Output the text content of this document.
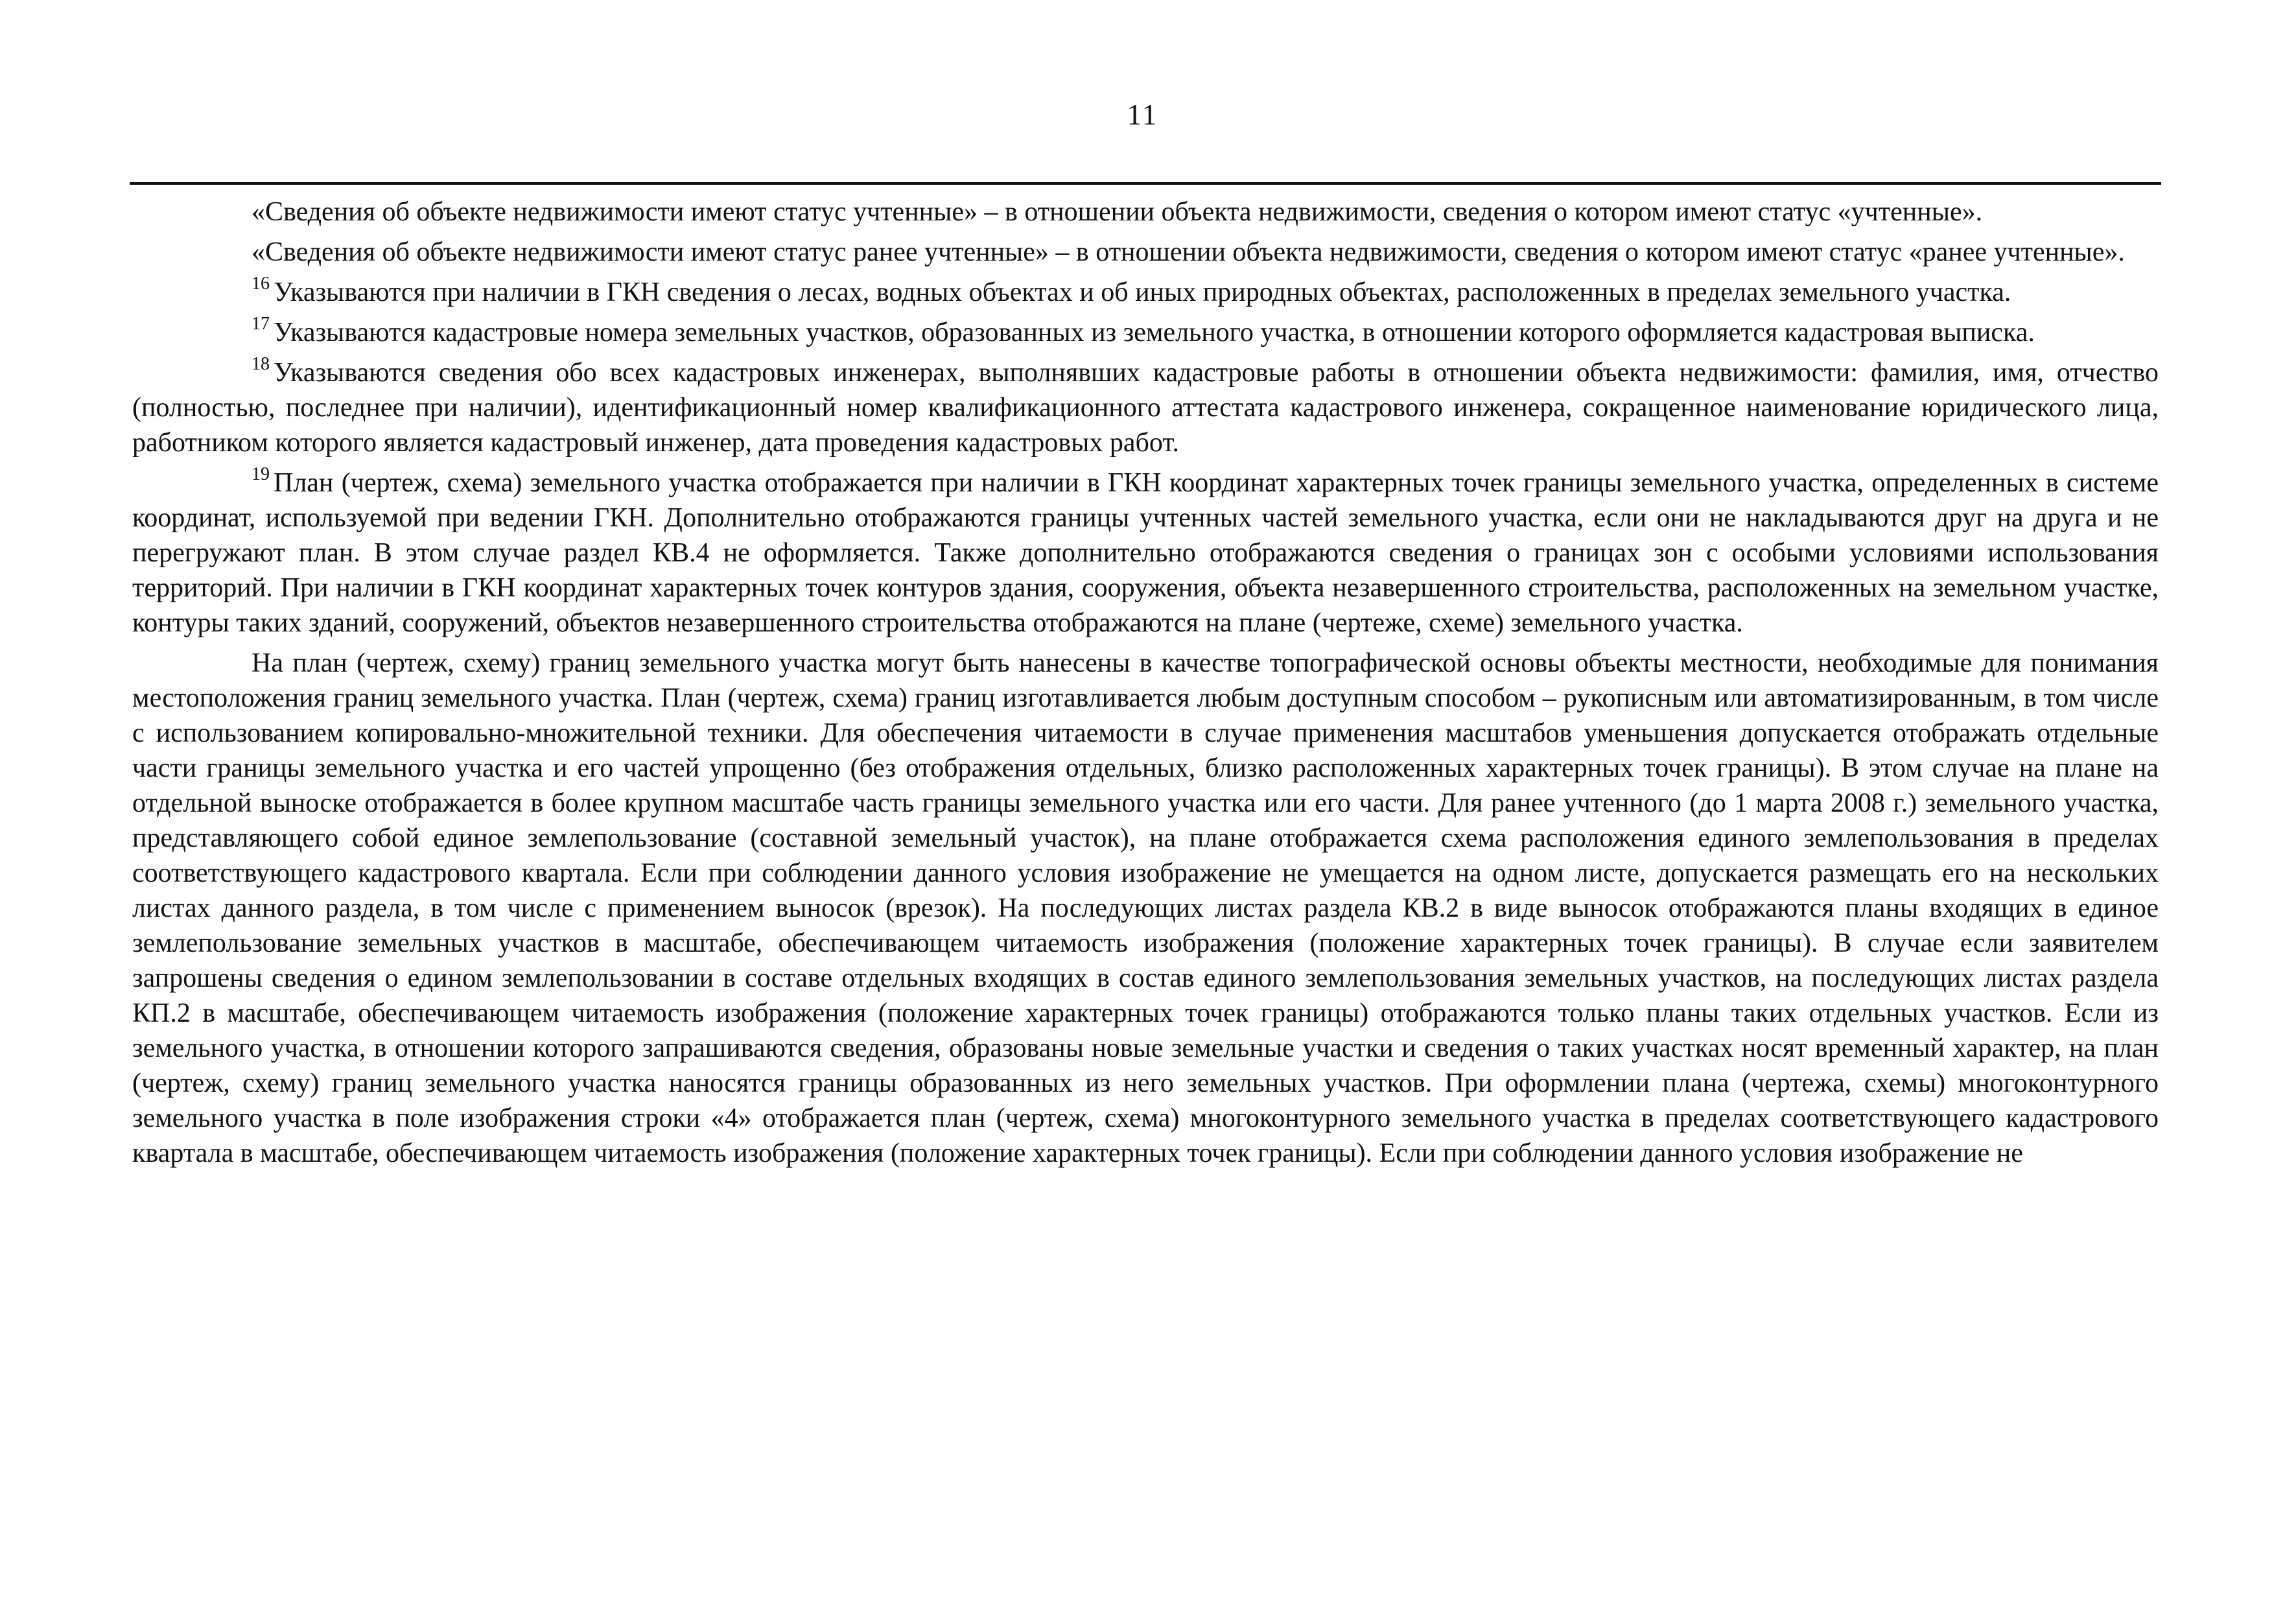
11

«Сведения об объекте недвижимости имеют статус учтенные» – в отношении объекта недвижимости, сведения о котором имеют статус «учтенные».

«Сведения об объекте недвижимости имеют статус ранее учтенные» – в отношении объекта недвижимости, сведения о котором имеют статус «ранее учтенные».

$^{16}$ Указываются при наличии в ГКН сведения о лесах, водных объектах и об иных природных объектах, расположенных в пределах земельного участка.

$^{17}$ Указываются кадастровые номера земельных участков, образованных из земельного участка, в отношении которого оформляется кадастровая выписка.

$^{18}$ Указываются сведения обо всех кадастровых инженерах, выполнявших кадастровые работы в отношении объекта недвижимости: фамилия, имя, отчество (полностью, последнее при наличии), идентификационный номер квалификационного аттестата кадастрового инженера, сокращенное наименование юридического лица, работником которого является кадастровый инженер, дата проведения кадастровых работ.

$^{19}$ План (чертеж, схема) земельного участка отображается при наличии в ГКН координат характерных точек границы земельного участка, определенных в системе координат, используемой при ведении ГКН. Дополнительно отображаются границы учтенных частей земельного участка, если они не накладываются друг на друга и не перегружают план. В этом случае раздел КВ.4 не оформляется. Также дополнительно отображаются сведения о границах зон с особыми условиями использования территорий. При наличии в ГКН координат характерных точек контуров здания, сооружения, объекта незавершенного строительства, расположенных на земельном участке, контуры таких зданий, сооружений, объектов незавершенного строительства отображаются на плане (чертеже, схеме) земельного участка.

На план (чертеж, схему) границ земельного участка могут быть нанесены в качестве топографической основы объекты местности, необходимые для понимания местоположения границ земельного участка. План (чертеж, схема) границ изготавливается любым доступным способом – рукописным или автоматизированным, в том числе с использованием копировально-множительной техники. Для обеспечения читаемости в случае применения масштабов уменьшения допускается отображать отдельные части границы земельного участка и его частей упрощенно (без отображения отдельных, близко расположенных характерных точек границы). В этом случае на плане на отдельной выноске отображается в более крупном масштабе часть границы земельного участка или его части. Для ранее учтенного (до 1 марта 2008 г.) земельного участка, представляющего собой единое землепользование (составной земельный участок), на плане отображается схема расположения единого землепользования в пределах соответствующего кадастрового квартала. Если при соблюдении данного условия изображение не умещается на одном листе, допускается размещать его на нескольких листах данного раздела, в том числе с применением выносок (врезок). На последующих листах раздела КВ.2 в виде выносок отображаются планы входящих в единое землепользование земельных участков в масштабе, обеспечивающем читаемость изображения (положение характерных точек границы). В случае если заявителем запрошены сведения о едином землепользовании в составе отдельных входящих в состав единого землепользования земельных участков, на последующих листах раздела КП.2 в масштабе, обеспечивающем читаемость изображения (положение характерных точек границы) отображаются только планы таких отдельных участков. Если из земельного участка, в отношении которого запрашиваются сведения, образованы новые земельные участки и сведения о таких участках носят временный характер, на план (чертеж, схему) границ земельного участка наносятся границы образованных из него земельных участков. При оформлении плана (чертежа, схемы) многоконтурного земельного участка в поле изображения строки «4» отображается план (чертеж, схема) многоконтурного земельного участка в пределах соответствующего кадастрового квартала в масштабе, обеспечивающем читаемость изображения (положение характерных точек границы). Если при соблюдении данного условия изображение не
